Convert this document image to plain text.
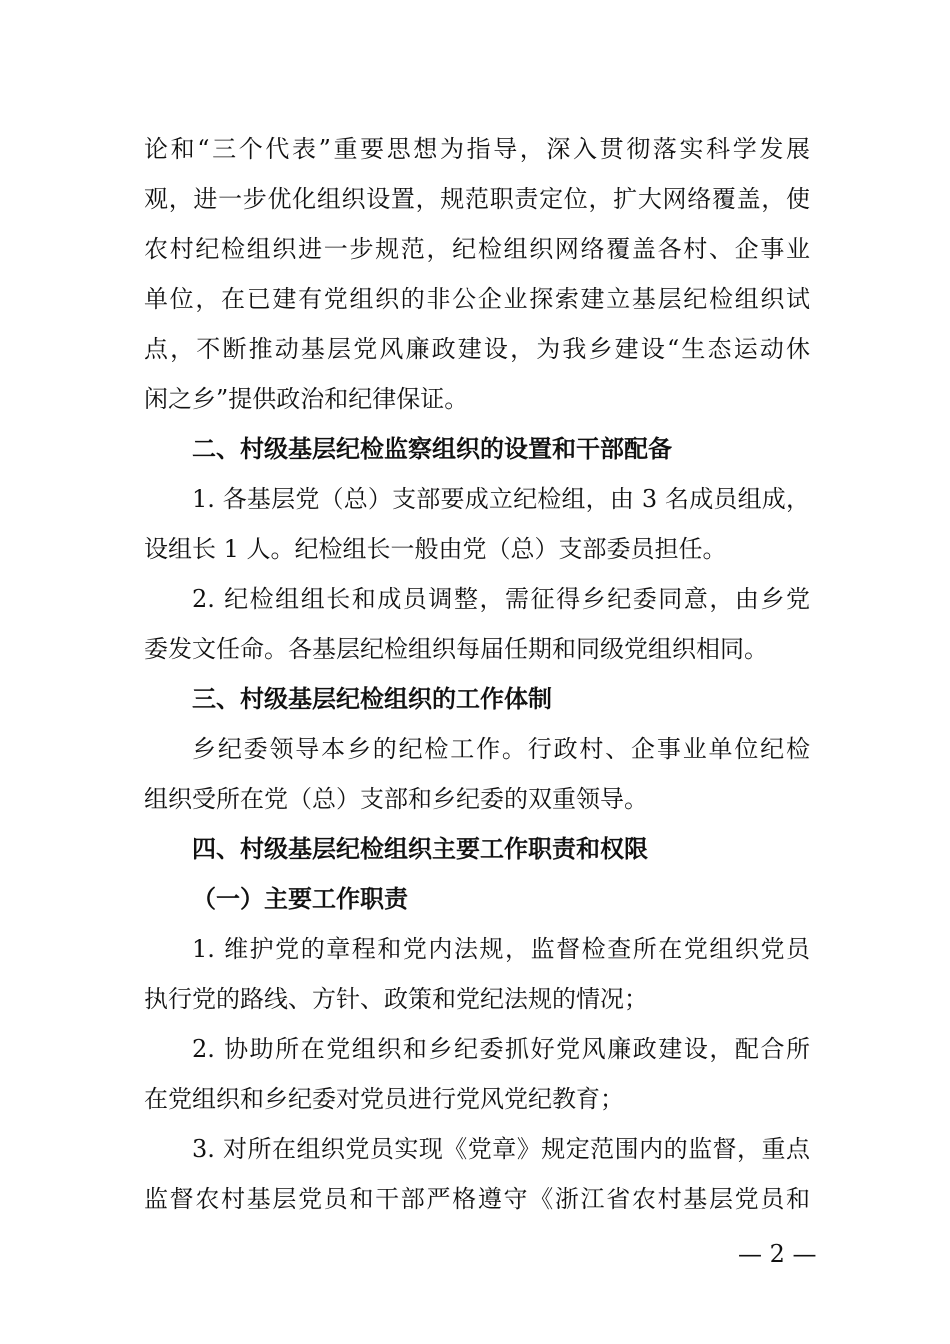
论和“三个代表”重要思想为指导，深入贯彻落实科学发展
观，进一步优化组织设置，规范职责定位，扩大网络覆盖，使
农村纪检组织进一步规范，纪检组织网络覆盖各村、企事业
单位，在已建有党组织的非公企业探索建立基层纪检组织试
点，不断推动基层党风廉政建设，为我乡建设“生态运动休
闲之乡”提供政治和纪律保证。
二、村级基层纪检监察组织的设置和干部配备
1. 各基层党（总）支部要成立纪检组，由 3 名成员组成，
设组长 1 人。纪检组长一般由党（总）支部委员担任。
2. 纪检组组长和成员调整，需征得乡纪委同意，由乡党
委发文任命。各基层纪检组织每届任期和同级党组织相同。
三、村级基层纪检组织的工作体制
乡纪委领导本乡的纪检工作。行政村、企事业单位纪检
组织受所在党（总）支部和乡纪委的双重领导。
四、村级基层纪检组织主要工作职责和权限
（一）主要工作职责
1. 维护党的章程和党内法规，监督检查所在党组织党员
执行党的路线、方针、政策和党纪法规的情况；
2. 协助所在党组织和乡纪委抓好党风廉政建设，配合所
在党组织和乡纪委对党员进行党风党纪教育；
3. 对所在组织党员实现《党章》规定范围内的监督，重点
监督农村基层党员和干部严格遵守《浙江省农村基层党员和
— 2 —
